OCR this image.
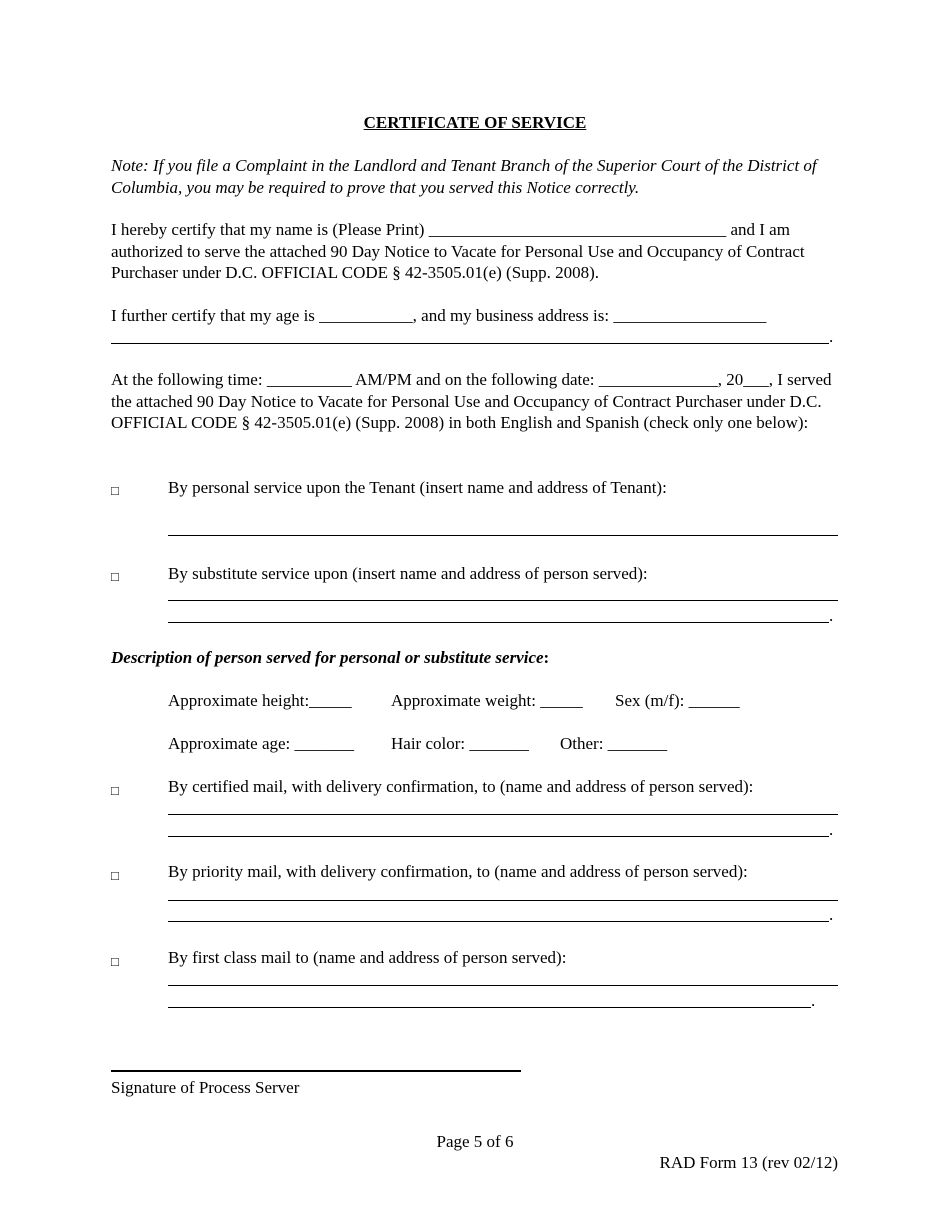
CERTIFICATE OF SERVICE
Note: If you file a Complaint in the Landlord and Tenant Branch of the Superior Court of the District of Columbia, you may be required to prove that you served this Notice correctly.
I hereby certify that my name is (Please Print) ___________________________________ and I am authorized to serve the attached 90 Day Notice to Vacate for Personal Use and Occupancy of Contract Purchaser under D.C. OFFICIAL CODE § 42-3505.01(e) (Supp. 2008).
I further certify that my age is ___________, and my business address is: __________________
.
At the following time: __________ AM/PM and on the following date: ______________, 20___, I served the attached 90 Day Notice to Vacate for Personal Use and Occupancy of Contract Purchaser under D.C. OFFICIAL CODE § 42-3505.01(e) (Supp. 2008) in both English and Spanish (check only one below):
□	By personal service upon the Tenant (insert name and address of Tenant):
□	By substitute service upon (insert name and address of person served):
.
Description of person served for personal or substitute service:
Approximate height:_____ Approximate weight: _____ Sex (m/f): ______
Approximate age: _______ Hair color: _______ Other: _______
□	By certified mail, with delivery confirmation, to (name and address of person served):
.
□	By priority mail, with delivery confirmation, to (name and address of person served):
.
□	By first class mail to (name and address of person served):
.
Signature of Process Server
Page 5 of 6
RAD Form 13 (rev 02/12)
